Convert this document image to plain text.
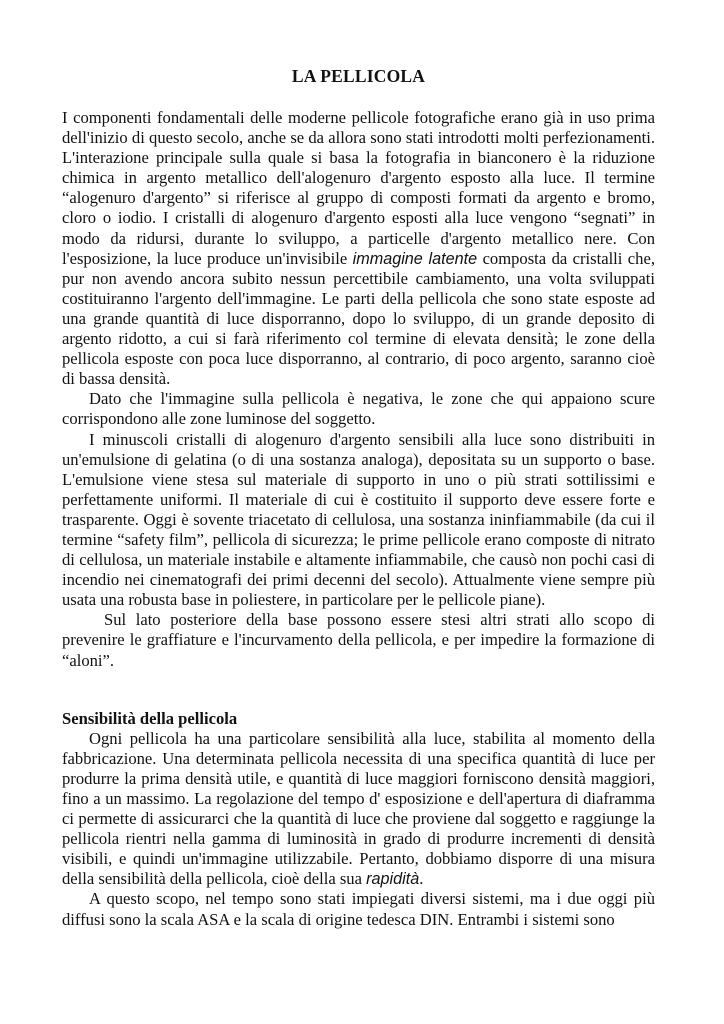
LA PELLICOLA

I componenti fondamentali delle moderne pellicole fotografiche erano già in uso prima dell'inizio di questo secolo, anche se da allora sono stati introdotti molti perfezionamenti. L'interazione principale sulla quale si basa la fotografia in bianconero è la riduzione chimica in argento metallico dell'alogenuro d'argento esposto alla luce. Il termine “alogenuro d'argento” si riferisce al gruppo di composti formati da argento e bromo, cloro o iodio. I cristalli di alogenuro d'argento esposti alla luce vengono “segnati” in modo da ridursi, durante lo sviluppo, a particelle d'argento metallico nere. Con l'esposizione, la luce produce un'invisibile immagine latente composta da cristalli che, pur non avendo ancora subito nessun percettibile cambiamento, una volta sviluppati costituiranno l'argento dell'immagine. Le parti della pellicola che sono state esposte ad una grande quantità di luce disporranno, dopo lo sviluppo, di un grande deposito di argento ridotto, a cui si farà riferimento col termine di elevata densità; le zone della pellicola esposte con poca luce disporranno, al contrario, di poco argento, saranno cioè di bassa densità.

Dato che l'immagine sulla pellicola è negativa, le zone che qui appaiono scure corrispondono alle zone luminose del soggetto.

I minuscoli cristalli di alogenuro d'argento sensibili alla luce sono distribuiti in un'emulsione di gelatina (o di una sostanza analoga), depositata su un supporto o base. L'emulsione viene stesa sul materiale di supporto in uno o più strati sottilissimi e perfettamente uniformi. Il materiale di cui è costituito il supporto deve essere forte e trasparente. Oggi è sovente triacetato di cellulosa, una sostanza ininfiammabile (da cui il termine “safety film”, pellicola di sicurezza; le prime pellicole erano composte di nitrato di cellulosa, un materiale instabile e altamente infiammabile, che causò non pochi casi di incendio nei cinematografi dei primi decenni del secolo). Attualmente viene sempre più usata una robusta base in poliestere, in particolare per le pellicole piane).

Sul lato posteriore della base possono essere stesi altri strati allo scopo di prevenire le graffiature e l'incurvamento della pellicola, e per impedire la formazione di “aloni”.

Sensibilità della pellicola

Ogni pellicola ha una particolare sensibilità alla luce, stabilita al momento della fabbricazione. Una determinata pellicola necessita di una specifica quantità di luce per produrre la prima densità utile, e quantità di luce maggiori forniscono densità maggiori, fino a un massimo. La regolazione del tempo d' esposizione e dell'apertura di diaframma ci permette di assicurarci che la quantità di luce che proviene dal soggetto e raggiunge la pellicola rientri nella gamma di luminosità in grado di produrre incrementi di densità visibili, e quindi un'immagine utilizzabile. Pertanto, dobbiamo disporre di una misura della sensibilità della pellicola, cioè della sua rapidità.

A questo scopo, nel tempo sono stati impiegati diversi sistemi, ma i due oggi più diffusi sono la scala ASA e la scala di origine tedesca DIN. Entrambi i sistemi sono
